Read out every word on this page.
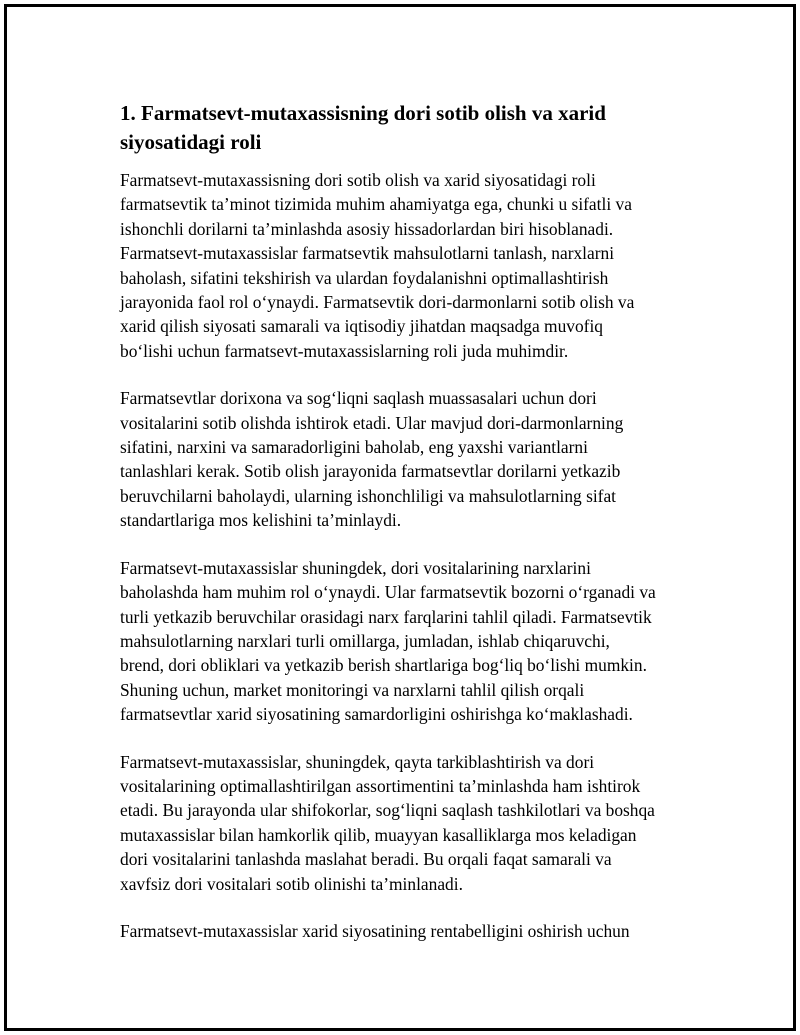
1. Farmatsevt-mutaxassisning dori sotib olish va xarid
siyosatidagi roli

Farmatsevt-mutaxassisning dori sotib olish va xarid siyosatidagi roli
farmatsevtik ta’minot tizimida muhim ahamiyatga ega, chunki u sifatli va
ishonchli dorilarni ta’minlashda asosiy hissadorlardan biri hisoblanadi.
Farmatsevt-mutaxassislar farmatsevtik mahsulotlarni tanlash, narxlarni
baholash, sifatini tekshirish va ulardan foydalanishni optimallashtirish
jarayonida faol rol oʻynaydi. Farmatsevtik dori-darmonlarni sotib olish va
xarid qilish siyosati samarali va iqtisodiy jihatdan maqsadga muvofiq
boʻlishi uchun farmatsevt-mutaxassislarning roli juda muhimdir.

Farmatsevtlar dorixona va sogʻliqni saqlash muassasalari uchun dori
vositalarini sotib olishda ishtirok etadi. Ular mavjud dori-darmonlarning
sifatini, narxini va samaradorligini baholab, eng yaxshi variantlarni
tanlashlari kerak. Sotib olish jarayonida farmatsevtlar dorilarni yetkazib
beruvchilarni baholaydi, ularning ishonchliligi va mahsulotlarning sifat
standartlariga mos kelishini ta’minlaydi.

Farmatsevt-mutaxassislar shuningdek, dori vositalarining narxlarini
baholashda ham muhim rol oʻynaydi. Ular farmatsevtik bozorni oʻrganadi va
turli yetkazib beruvchilar orasidagi narx farqlarini tahlil qiladi. Farmatsevtik
mahsulotlarning narxlari turli omillarga, jumladan, ishlab chiqaruvchi,
brend, dori obliklari va yetkazib berish shartlariga bogʻliq boʻlishi mumkin.
Shuning uchun, market monitoringi va narxlarni tahlil qilish orqali
farmatsevtlar xarid siyosatining samardorligini oshirishga koʻmaklashadi.

Farmatsevt-mutaxassislar, shuningdek, qayta tarkiblashtirish va dori
vositalarining optimallashtirilgan assortimentini ta’minlashda ham ishtirok
etadi. Bu jarayonda ular shifokorlar, sogʻliqni saqlash tashkilotlari va boshqa
mutaxassislar bilan hamkorlik qilib, muayyan kasalliklarga mos keladigan
dori vositalarini tanlashda maslahat beradi. Bu orqali faqat samarali va
xavfsiz dori vositalari sotib olinishi ta’minlanadi.

Farmatsevt-mutaxassislar xarid siyosatining rentabelligini oshirish uchun
